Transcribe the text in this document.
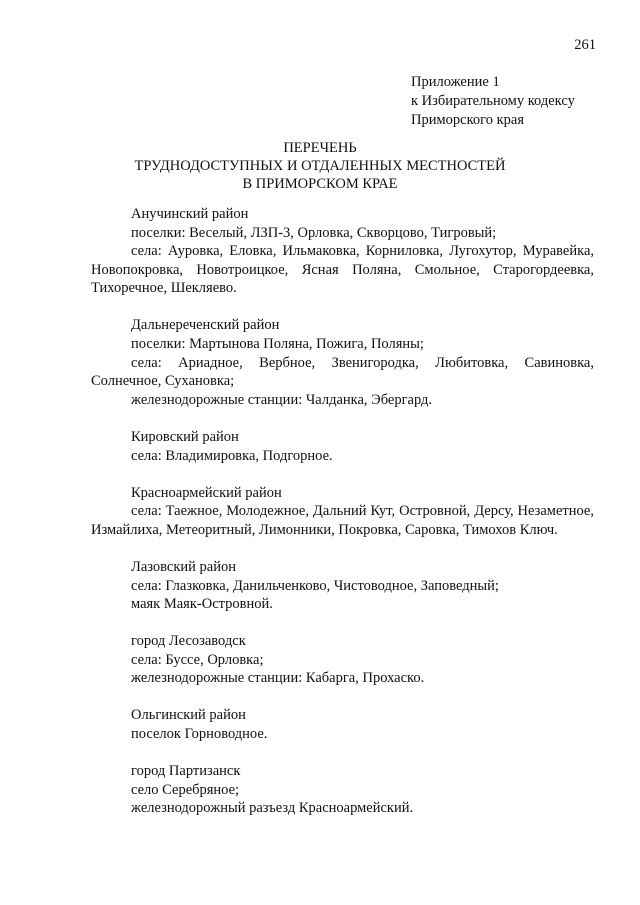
261
Приложение 1
к Избирательному кодексу
Приморского края
ПЕРЕЧЕНЬ
ТРУДНОДОСТУПНЫХ И ОТДАЛЕННЫХ МЕСТНОСТЕЙ
В ПРИМОРСКОМ КРАЕ
Анучинский район
поселки: Веселый, ЛЗП-3, Орловка, Скворцово, Тигровый;
села: Ауровка, Еловка, Ильмаковка, Корниловка, Лугохутор, Муравейка, Новопокровка, Новотроицкое, Ясная Поляна, Смольное, Старогордеевка, Тихоречное, Шекляево.
Дальнереченский район
поселки: Мартынова Поляна, Пожига, Поляны;
села: Ариадное, Вербное, Звенигородка, Любитовка, Савиновка, Солнечное, Сухановка;
железнодорожные станции: Чалданка, Эбергард.
Кировский район
села: Владимировка, Подгорное.
Красноармейский район
села: Таежное, Молодежное, Дальний Кут, Островной, Дерсу, Незаметное, Измайлиха, Метеоритный, Лимонники, Покровка, Саровка, Тимохов Ключ.
Лазовский район
села: Глазковка, Данильченково, Чистоводное, Заповедный;
маяк Маяк-Островной.
город Лесозаводск
села: Буссе, Орловка;
железнодорожные станции: Кабарга, Прохаско.
Ольгинский район
поселок Горноводное.
город Партизанск
село Серебряное;
железнодорожный разъезд Красноармейский.
